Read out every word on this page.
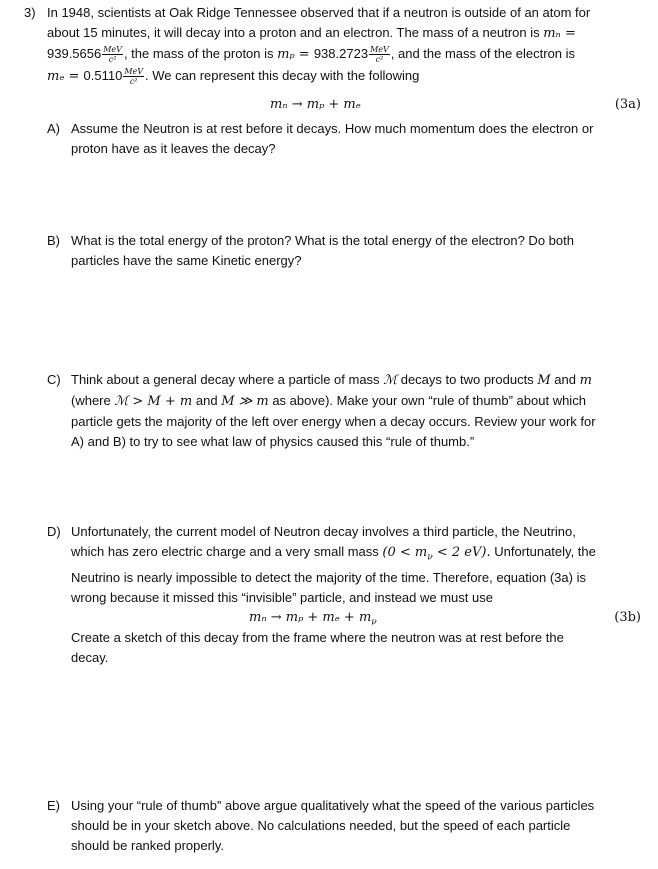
3) In 1948, scientists at Oak Ridge Tennessee observed that if a neutron is outside of an atom for
about 15 minutes, it will decay into a proton and an electron. The mass of a neutron is mₙ =
$939.5656 \frac{\text{MeV}}{\text{c²}}$ , the mass of the proton is $m_p = 938.2723 \frac{\text{MeV}}{\text{c²}}$ , and the mass of the electron is
$m_e = 0.5110 \frac{\text{MeV}}{\text{c²}}$ . We can represent this decay with the following
mₙ → mₚ + mₑ	(3a)
A) Assume the Neutron is at rest before it decays. How much momentum does the electron or
proton have as it leaves the decay?
B) What is the total energy of the proton? What is the total energy of the electron? Do both
particles have the same Kinetic energy?
C) Think about a general decay where a particle of mass ℳ decays to two products M and m
(where ℳ > M + m and M ≫ m as above). Make your own “rule of thumb” about which
particle gets the majority of the left over energy when a decay occurs. Review your work for
A) and B) to try to see what law of physics caused this “rule of thumb.”
D) Unfortunately, the current model of Neutron decay involves a third particle, the Neutrino,
which has zero electric charge and a very small mass ($0 < m_\nu < 2$ eV). Unfortunately, the
Neutrino is nearly impossible to detect the majority of the time. Therefore, equation (3a) is
wrong because it missed this “invisible” particle, and instead we must use
$m_n \to m_p + m_e + m_\nu$	(3b)
Create a sketch of this decay from the frame where the neutron was at rest before the
decay.
E) Using your “rule of thumb” above argue qualitatively what the speed of the various particles
should be in your sketch above. No calculations needed, but the speed of each particle
should be ranked properly.
